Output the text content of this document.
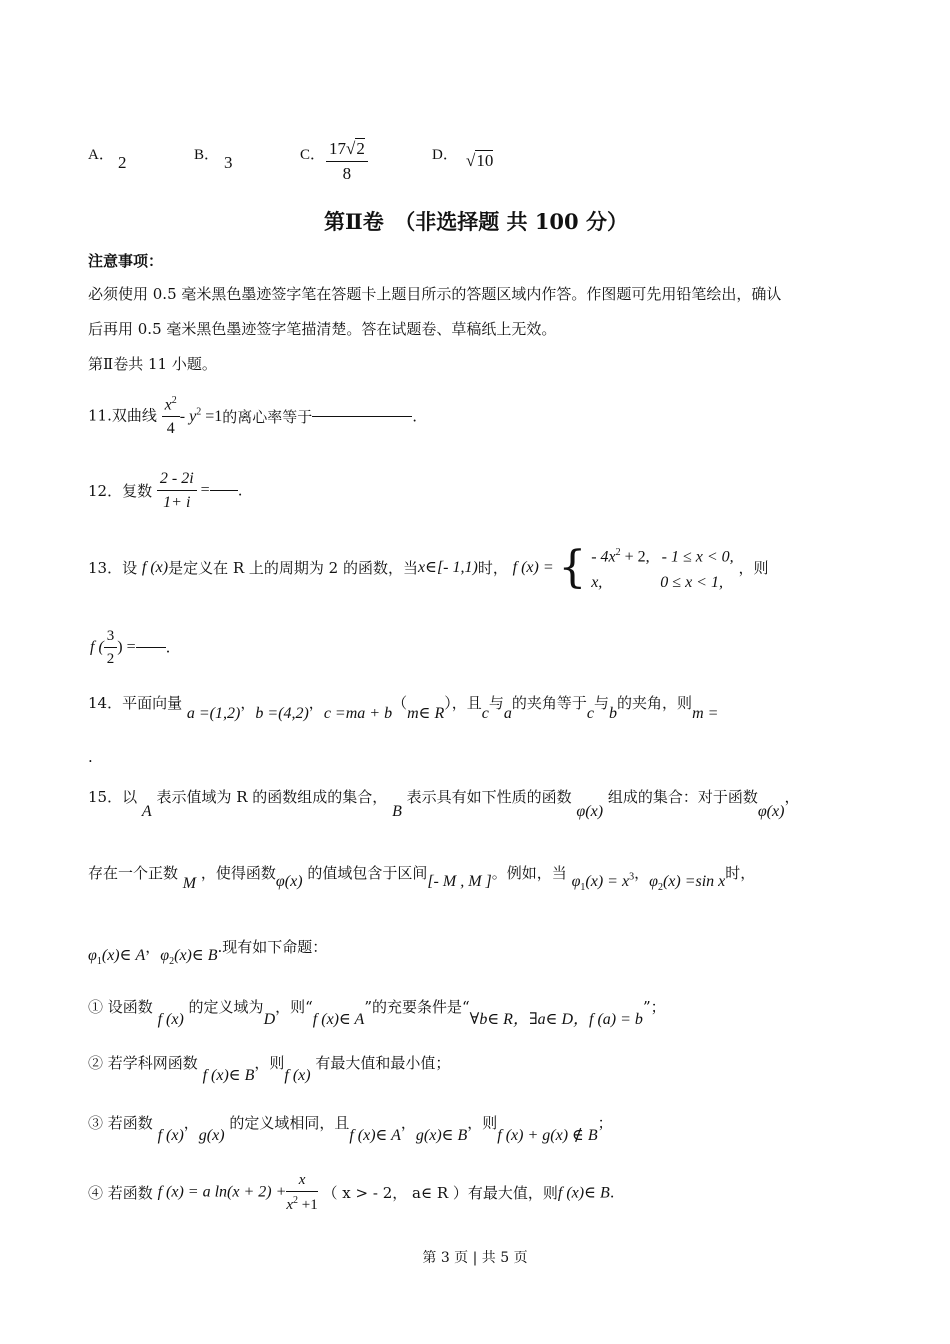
A． 2	B． 3	C． $\frac{17√2}{8}$	D． √10
第Ⅱ卷　（非选择题 共 100 分）
注意事项：
必须使用 0.5 毫米黑色墨迹签字笔在答题卡上题目所示的答题区域内作答。作图题可先用铅笔绘出，确认
后再用 0.5 毫米黑色墨迹签字笔描清楚。答在试题卷、草稿纸上无效。
第Ⅱ卷共 11 小题。
11.双曲线 $\frac{x^2}{4} - y^2 =1$的离心率等于	.
12．复数 $\frac{2 - 2i}{1+ i}$ = .
13．设 f (x)是定义在 R 上的周期为 2 的函数，当x∈[- 1,1)时， f (x) = { - $4x^2 + 2$, - 1 ≤ x < 0,
x,	0 ≤ x < 1,
，则
f ( $\frac{3}{2}$ ) = .
14．平面向量 a =(1,2)，b =(4,2)，c =ma + b（m∈ R），且c与a的夹角等于c与b的夹角，则m =
.
15．以 A 表示值域为 R 的函数组成的集合， B 表示具有如下性质的函数 φ(x) 组成的集合：对于函数φ(x)，
存在一个正数 M ，使得函数φ(x) 的值域包含于区间[- M , M ]。例如，当 $\varphi_1(x) = x^3$，$\varphi_2(x) =\sin$ x时，
$\varphi_1(x)\in$ A，$\varphi_2(x)\in$ B.现有如下命题：
① 设函数 f (x) 的定义域为D，则“f (x)∈ A”的充要条件是“∀b∈ R，∃a∈ D，f (a) = b”；
② 若学科网函数 f (x)∈ B，则f (x) 有最大值和最小值；
③ 若函数 f (x)，g(x) 的定义域相同，且f (x)∈ A，g(x)∈ B，则f (x) + g(x) ∉ B；
④ 若函数 f (x) = a $\ln(x + 2) + \frac{x}{x^2 +1}$ （ x > - 2， a∈ R ）有最大值，则f (x)∈ B.
第 3 页 | 共 5 页
